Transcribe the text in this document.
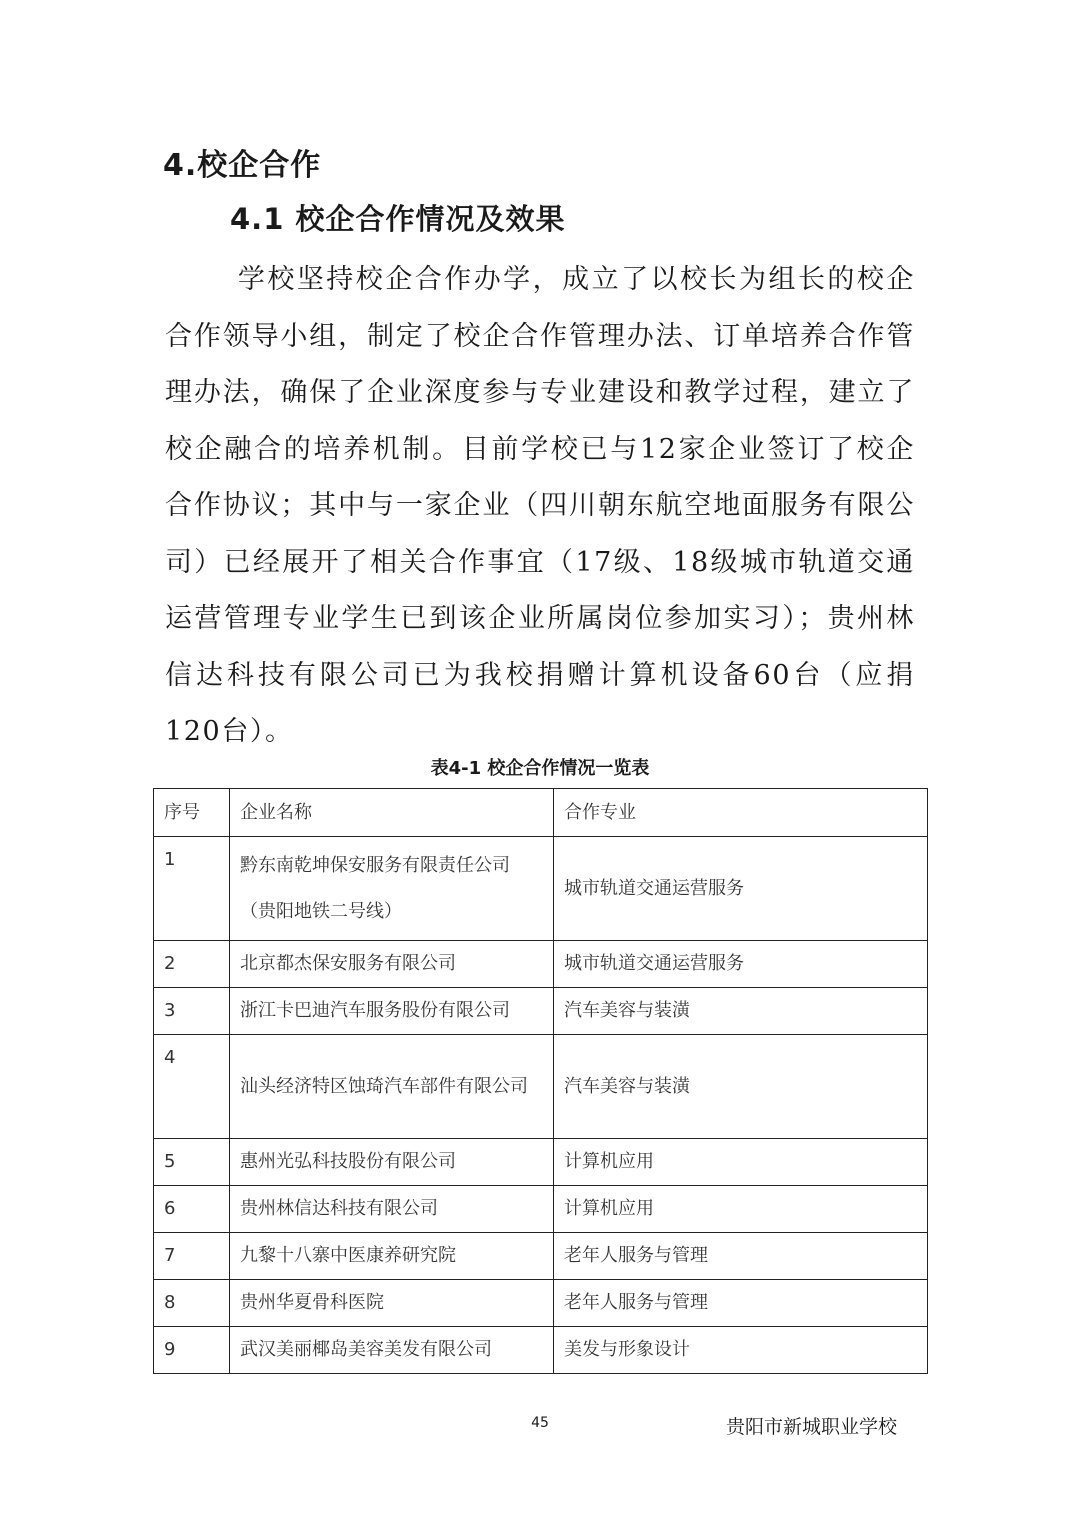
4.校企合作
4.1 校企合作情况及效果

学校坚持校企合作办学，成立了以校长为组长的校企合作领导小组，制定了校企合作管理办法、订单培养合作管理办法，确保了企业深度参与专业建设和教学过程，建立了校企融合的培养机制。目前学校已与12家企业签订了校企合作协议；其中与一家企业（四川朝东航空地面服务有限公司）已经展开了相关合作事宜（17级、18级城市轨道交通运营管理专业学生已到该企业所属岗位参加实习）；贵州林信达科技有限公司已为我校捐赠计算机设备60台（应捐120台）。

表4-1 校企合作情况一览表
序号	企业名称	合作专业
1	黔东南乾坤保安服务有限责任公司（贵阳地铁二号线）	城市轨道交通运营服务
2	北京都杰保安服务有限公司	城市轨道交通运营服务
3	浙江卡巴迪汽车服务股份有限公司	汽车美容与装潢
4	汕头经济特区蚀琦汽车部件有限公司	汽车美容与装潢
5	惠州光弘科技股份有限公司	计算机应用
6	贵州林信达科技有限公司	计算机应用
7	九黎十八寨中医康养研究院	老年人服务与管理
8	贵州华夏骨科医院	老年人服务与管理
9	武汉美丽椰岛美容美发有限公司	美发与形象设计
45	贵阳市新城职业学校
